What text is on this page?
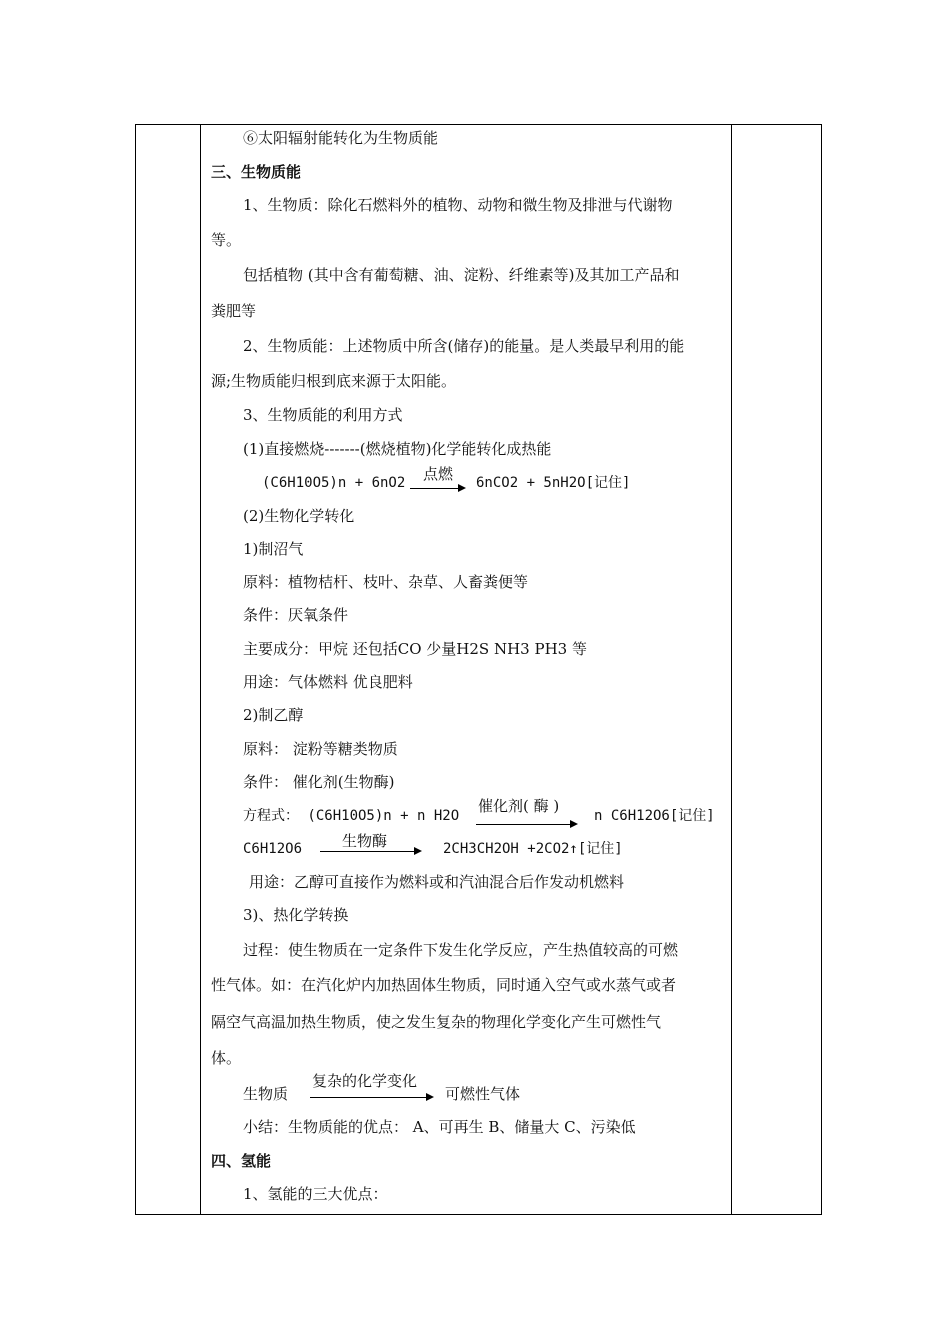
⑥太阳辐射能转化为生物质能
三、生物质能
1、生物质：除化石燃料外的植物、动物和微生物及排泄与代谢物
等。
包括植物 (其中含有葡萄糖、油、淀粉、纤维素等)及其加工产品和
粪肥等
2、生物质能：上述物质中所含(储存)的能量。是人类最早利用的能
源;生物质能归根到底来源于太阳能。
3、生物质能的利用方式
(1)直接燃烧-------(燃烧植物)化学能转化成热能
(C6H10O5)n + 6nO2 点燃 → 6nCO2 + 5nH2O[记住]
(2)生物化学转化
1)制沼气
原料：植物桔杆、枝叶、杂草、人畜粪便等
条件：厌氧条件
主要成分：甲烷 还包括CO 少量H2S NH3 PH3 等
用途：气体燃料 优良肥料
2)制乙醇
原料： 淀粉等糖类物质
条件： 催化剂(生物酶)
方程式： (C6H10O5)n + n H2O
催化剂( 酶 )
n C6H12O6[记住]
C6H12O6	生物酶	2CH3CH2OH +2CO2↑[记住]
用途：乙醇可直接作为燃料或和汽油混合后作发动机燃料
3)、热化学转换
过程：使生物质在一定条件下发生化学反应，产生热值较高的可燃
性气体。如：在汽化炉内加热固体生物质，同时通入空气或水蒸气或者
隔空气高温加热生物质，使之发生复杂的物理化学变化产生可燃性气
体。
生物质
复杂的化学变化
可燃性气体
小结：生物质能的优点： A、可再生 B、储量大 C、污染低
四、氢能
1、氢能的三大优点：
